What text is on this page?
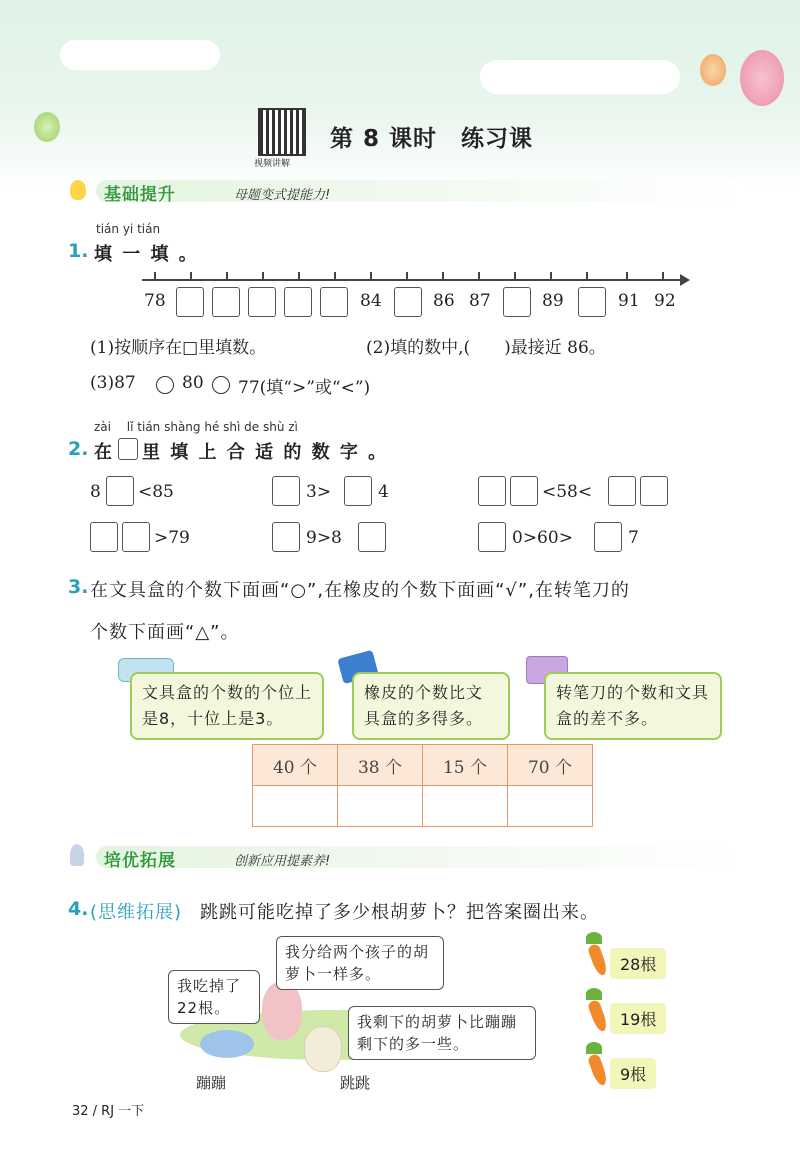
视频讲解
第 8 课时　练习课
基础提升	母题变式提能力!
tián yi tián
1. 填 一 填 。
78	84	86 87	89	91 92
(1)按顺序在□里填数。	(2)填的数中,(　　)最接近 86。
(3)87	80 77(填“>”或“<”)
zài　 lǐ tián shàng hé shì de shù zì
2. 在 里 填 上 合 适 的 数 字 。
8 <85	3>	4	<58<
>79	9>8	0>60>	7
3. 在文具盒的个数下面画“○”,在橡皮的个数下面画“√”,在转笔刀的
个数下面画“△”。
文具盒的个数的个位上是8，十位上是3。
橡皮的个数比文具盒的多得多。
转笔刀的个数和文具盒的差不多。
40 个	38 个	15 个	70 个

培优拓展	创新应用提素养!
4. (思维拓展) 跳跳可能吃掉了多少根胡萝卜？把答案圈出来。
我吃掉了22根。
我分给两个孩子的胡萝卜一样多。
我剩下的胡萝卜比蹦蹦剩下的多一些。
蹦蹦	跳跳
28根
19根
9根
32 / RJ 一下
